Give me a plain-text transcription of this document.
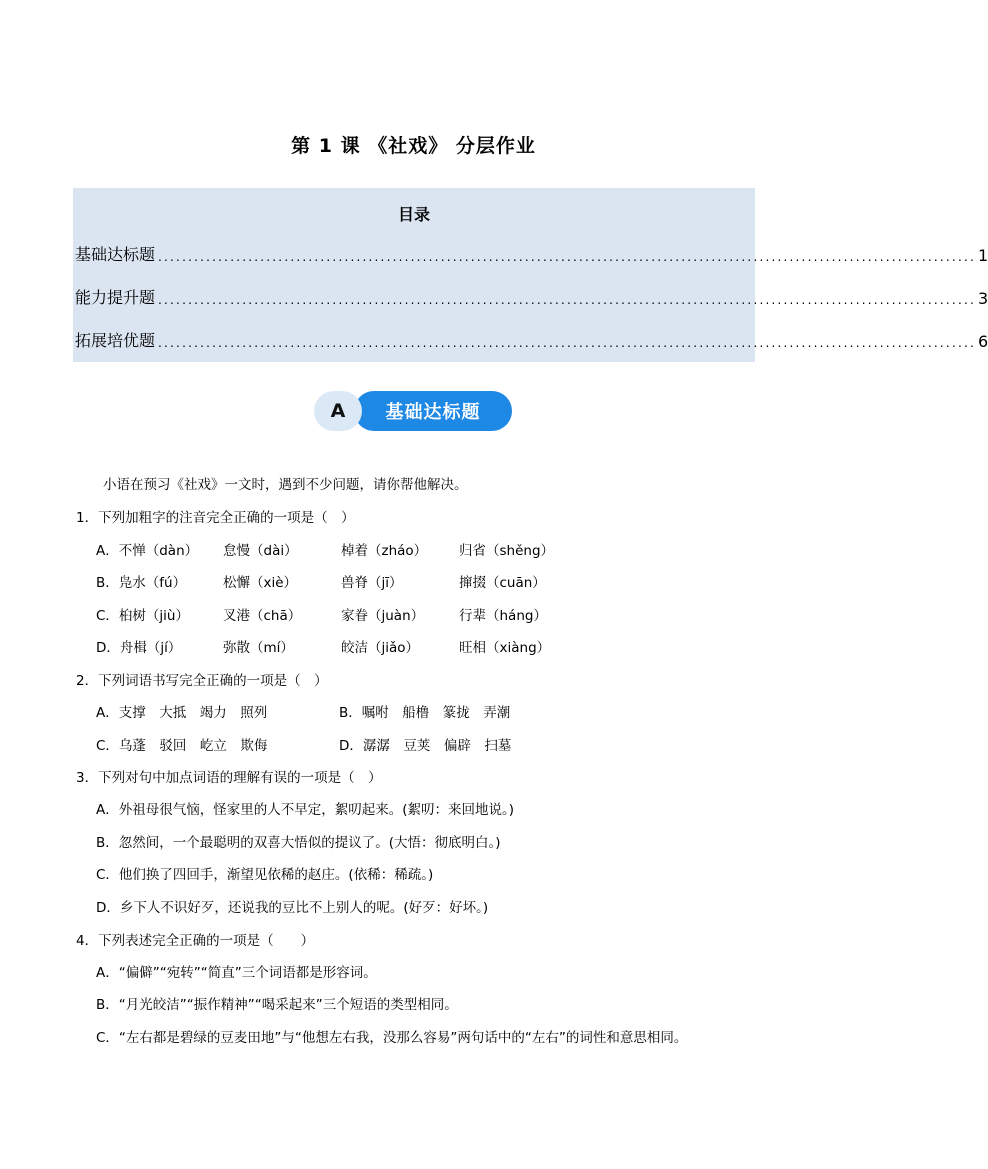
第 1 课 《社戏》 分层作业
目录
基础达标题 ........................................................................................................................................ 1
能力提升题 ........................................................................................................................................ 3
拓展培优题 ........................................................................................................................................ 6
基础达标题
A
小语在预习《社戏》一文时，遇到不少问题，请你帮他解决。
1．下列加粗字的注音完全正确的一项是（　）
A．不惮（dàn） 怠慢（dài）	棹着（zháo） 归省（shěng）
B．凫水（fú）	松懈（xiè）	兽脊（jī）	撺掇（cuān）
C．桕树（jiù）	叉港（chā）	家眷（juàn）	行辈（háng）
D．舟楫（jí）	弥散（mí）	皎洁（jiǎo）	旺相（xiàng）
2．下列词语书写完全正确的一项是（　）
A．支撑　大抵　竭力　照列	B．嘱咐　船橹　篆拢　弄潮
C．乌蓬　驳回　屹立　欺侮	D．潺潺　豆荚　偏辟　扫墓
3．下列对句中加点词语的理解有误的一项是（　）
A．外祖母很气恼，怪家里的人不早定，絮叨起来。(絮叨：来回地说。)
B．忽然间，一个最聪明的双喜大悟似的提议了。(大悟：彻底明白。)
C．他们换了四回手，渐望见依稀的赵庄。(依稀：稀疏。)
D．乡下人不识好歹，还说我的豆比不上别人的呢。(好歹：好坏。)
4．下列表述完全正确的一项是（　　）
A．“偏僻”“宛转”“简直”三个词语都是形容词。
B．“月光皎洁”“振作精神”“喝采起来”三个短语的类型相同。
C．“左右都是碧绿的豆麦田地”与“他想左右我，没那么容易”两句话中的“左右”的词性和意思相同。
